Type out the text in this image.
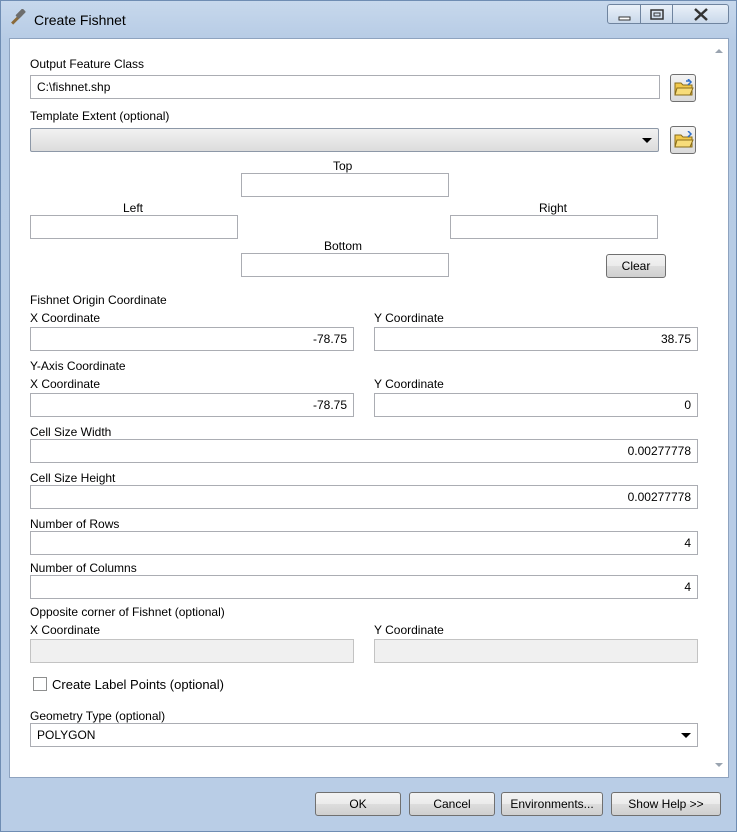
Create Fishnet
Output Feature Class
C:\fishnet.shp
Template Extent (optional)
Top
Left	Right
Bottom
Clear
Fishnet Origin Coordinate
X Coordinate	Y Coordinate
-78.75	38.75
Y-Axis Coordinate
X Coordinate	Y Coordinate
-78.75	0
Cell Size Width
0.00277778
Cell Size Height
0.00277778
Number of Rows
4
Number of Columns
4
Opposite corner of Fishnet (optional)
X Coordinate	Y Coordinate
Create Label Points (optional)
Geometry Type (optional)
POLYGON
OK	Cancel	Environments...	Show Help >>
